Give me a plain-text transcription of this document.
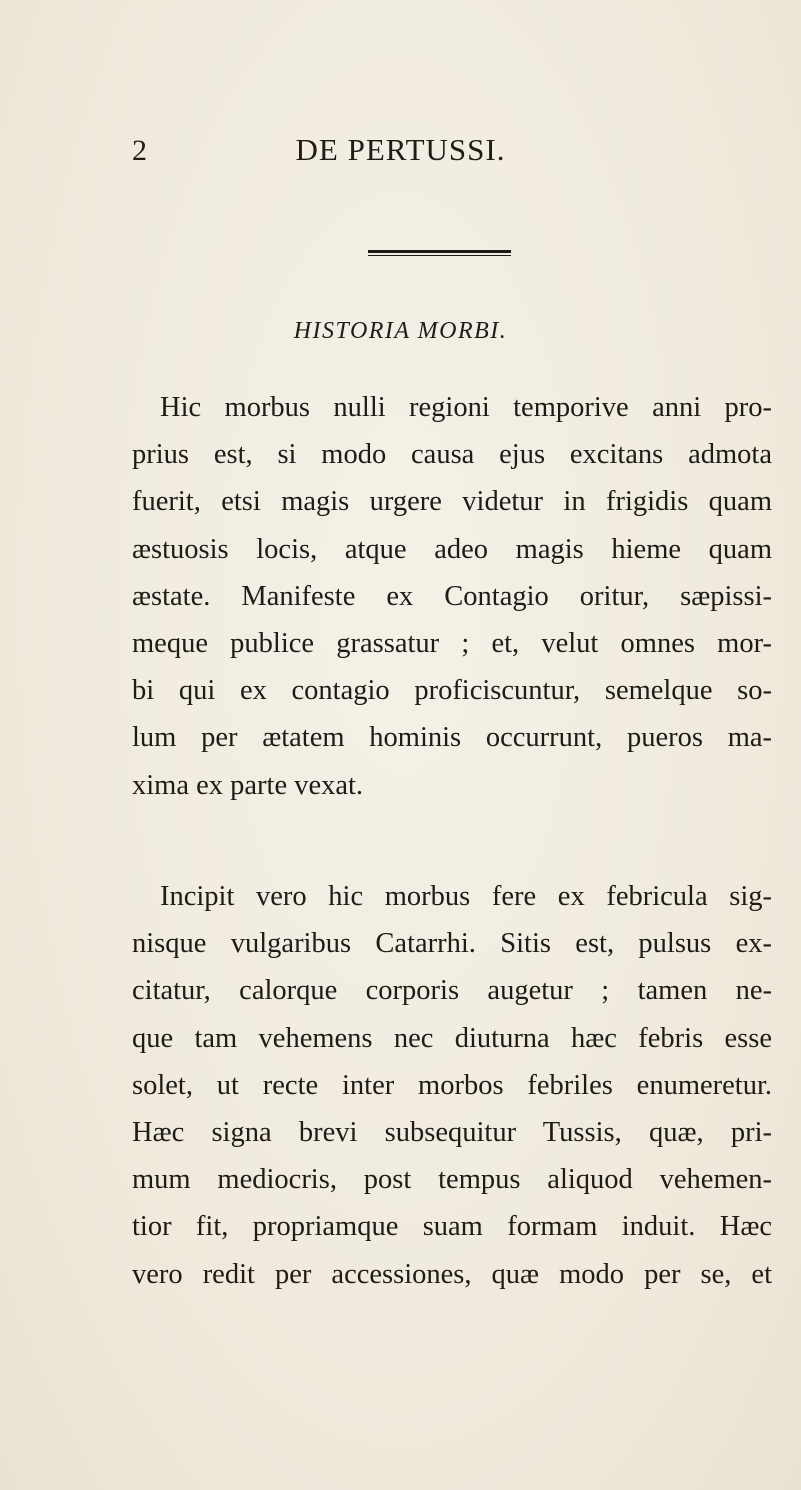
2	DE PERTUSSI.
HISTORIA MORBI.
Hic morbus nulli regioni temporive anni pro-
prius est, si modo causa ejus excitans admota
fuerit, etsi magis urgere videtur in frigidis quam
æstuosis locis, atque adeo magis hieme quam
æstate. Manifeste ex Contagio oritur, sæpissi-
meque publice grassatur ; et, velut omnes mor-
bi qui ex contagio proficiscuntur, semelque so-
lum per ætatem hominis occurrunt, pueros ma-
xima ex parte vexat.
Incipit vero hic morbus fere ex febricula sig-
nisque vulgaribus Catarrhi. Sitis est, pulsus ex-
citatur, calorque corporis augetur ; tamen ne-
que tam vehemens nec diuturna hæc febris esse
solet, ut recte inter morbos febriles enumeretur.
Hæc signa brevi subsequitur Tussis, quæ, pri-
mum mediocris, post tempus aliquod vehemen-
tior fit, propriamque suam formam induit. Hæc
vero redit per accessiones, quæ modo per se, et
